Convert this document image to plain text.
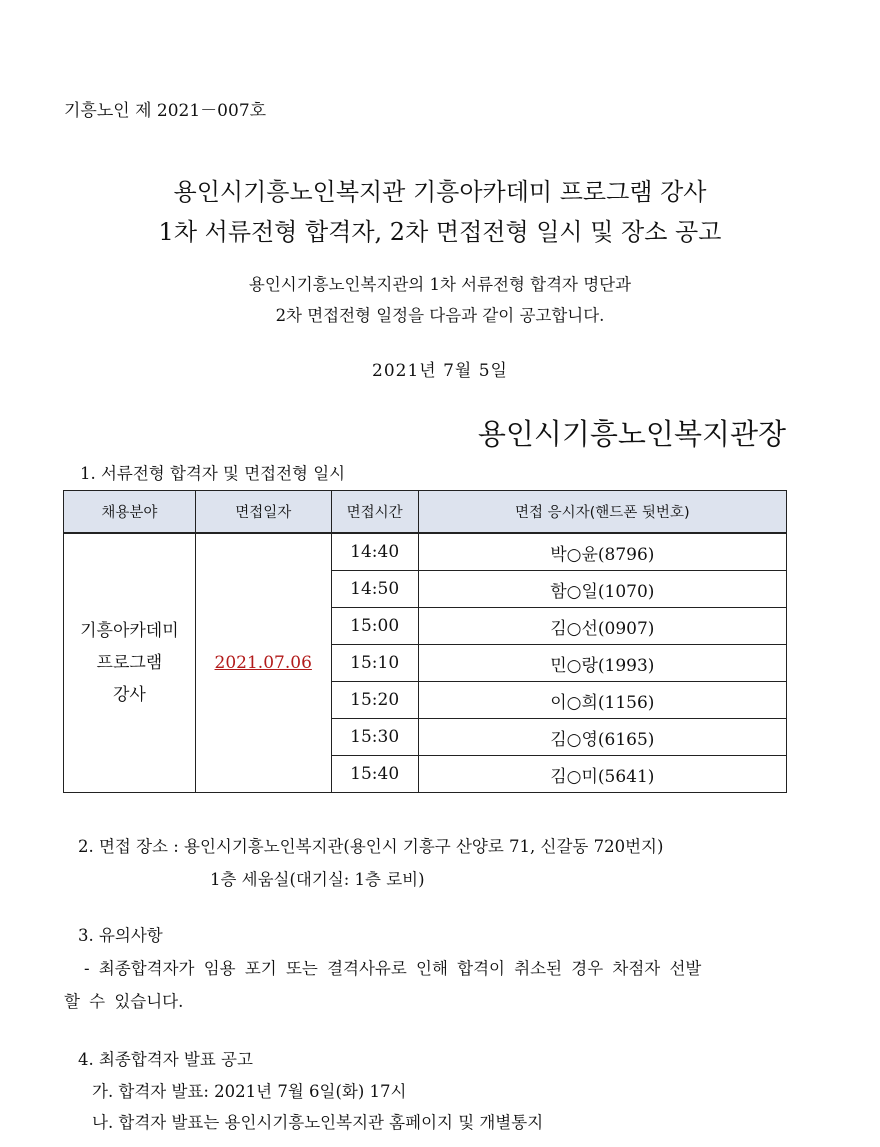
기흥노인 제 2021－007호
용인시기흥노인복지관 기흥아카데미 프로그램 강사
1차 서류전형 합격자, 2차 면접전형 일시 및 장소 공고
용인시기흥노인복지관의 1차 서류전형 합격자 명단과
2차 면접전형 일정을 다음과 같이 공고합니다.
2021년 7월 5일
용인시기흥노인복지관장
1. 서류전형 합격자 및 면접전형 일시
채용분야	면접일자	면접시간	면접 응시자(핸드폰 뒷번호)

기흥아카데미
프로그램
강사	2021.07.06	14:40	박○윤(8796)
		14:50	함○일(1070)
		15:00	김○선(0907)
		15:10	민○랑(1993)
		15:20	이○희(1156)
		15:30	김○영(6165)
		15:40	김○미(5641)
2. 면접 장소 : 용인시기흥노인복지관(용인시 기흥구 산양로 71, 신갈동 720번지)
1층 세움실(대기실: 1층 로비)
3. 유의사항
- 최종합격자가 임용 포기 또는 결격사유로 인해 합격이 취소된 경우 차점자 선발
할 수 있습니다.
4. 최종합격자 발표 공고
가. 합격자 발표: 2021년 7월 6일(화) 17시
나. 합격자 발표는 용인시기흥노인복지관 홈페이지 및 개별통지
